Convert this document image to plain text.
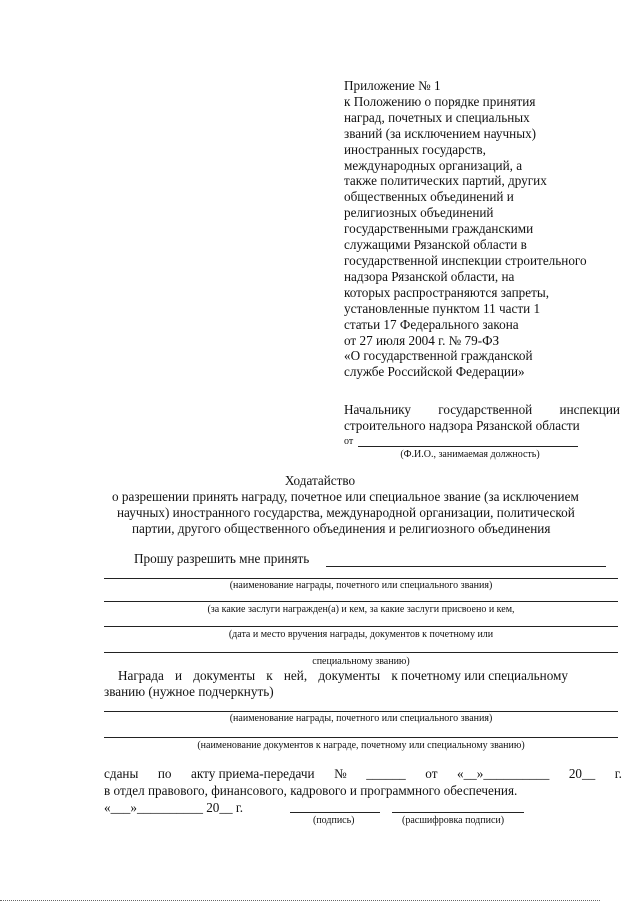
Приложение № 1
к Положению о порядке принятия
наград, почетных и специальных
званий (за исключением научных)
иностранных государств,
международных организаций, а
также политических партий, других
общественных объединений и
религиозных объединений
государственными гражданскими
служащими Рязанской области в
государственной инспекции строительного
надзора Рязанской области, на
которых распространяются запреты,
установленные пунктом 11 части 1
статьи 17 Федерального закона
от 27 июля 2004 г. № 79-ФЗ
«О государственной гражданской
службе Российской Федерации»
Начальнику государственной инспекции
строительного надзора Рязанской области
от
(Ф.И.О., занимаемая должность)
Ходатайство
о разрешении принять награду, почетное или специальное звание (за исключением
научных) иностранного государства, международной организации, политической
партии, другого общественного объединения и религиозного объединения
Прошу разрешить мне принять
(наименование награды, почетного или специального звания)
(за какие заслуги награжден(а) и кем, за какие заслуги присвоено и кем,
(дата и место вручения награды, документов к почетному или
специальному званию)
Награда и документы к ней, документы к почетному или специальному
званию (нужное подчеркнуть)
(наименование награды, почетного или специального звания)
(наименование документов к награде, почетному или специальному званию)
сданы по акту приема-передачи № ______ от «__»__________ 20__ г.
в отдел правового, финансового, кадрового и программного обеспечения.
«___»__________ 20__ г.
(подпись)	(расшифровка подписи)
